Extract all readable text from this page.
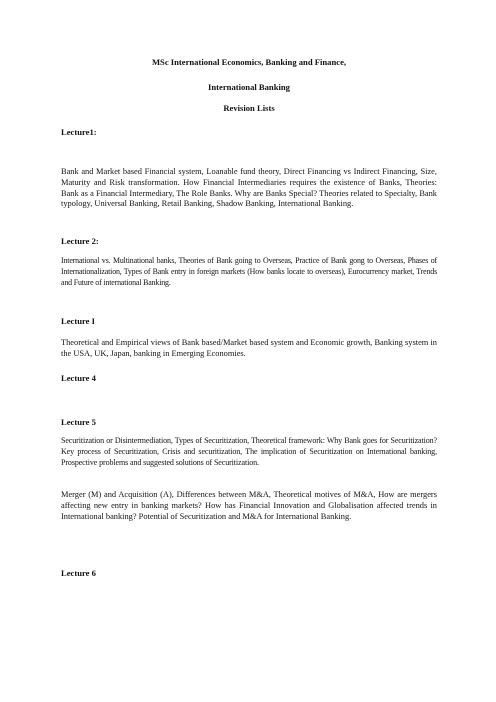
MSc International Economics, Banking and Finance,
International Banking
Revision Lists
Lecture1:
Bank and Market based Financial system, Loanable fund theory, Direct Financing vs Indirect Financing, Size, Maturity and Risk transformation. How Financial Intermediaries requires the existence of Banks, Theories: Bank as a Financial Intermediary, The Role Banks. Why are Banks Special? Theories related to Specialty, Bank typology, Universal Banking, Retail Banking, Shadow Banking, International Banking.
Lecture 2:
International vs. Multinational banks, Theories of Bank going to Overseas, Practice of Bank gong to Overseas, Phases of Internationalization, Types of Bank entry in foreign markets (How banks locate to overseas), Eurocurrency market, Trends and Future of international Banking.
Lecture I
Theoretical and Empirical views of Bank based/Market based system and Economic growth, Banking system in the USA, UK, Japan, banking in Emerging Economies.
Lecture 4
Lecture 5
Securitization or Disintermediation, Types of Securitization, Theoretical framework: Why Bank goes for Securitization? Key process of Securitization, Crisis and securitization, The implication of Securitization on International banking, Prospective problems and suggested solutions of Securitization.
Merger (M) and Acquisition (A), Differences between M&A, Theoretical motives of M&A, How are mergers affecting new entry in banking markets? How has Financial Innovation and Globalisation affected trends in International banking? Potential of Securitization and M&A for International Banking.
Lecture 6
